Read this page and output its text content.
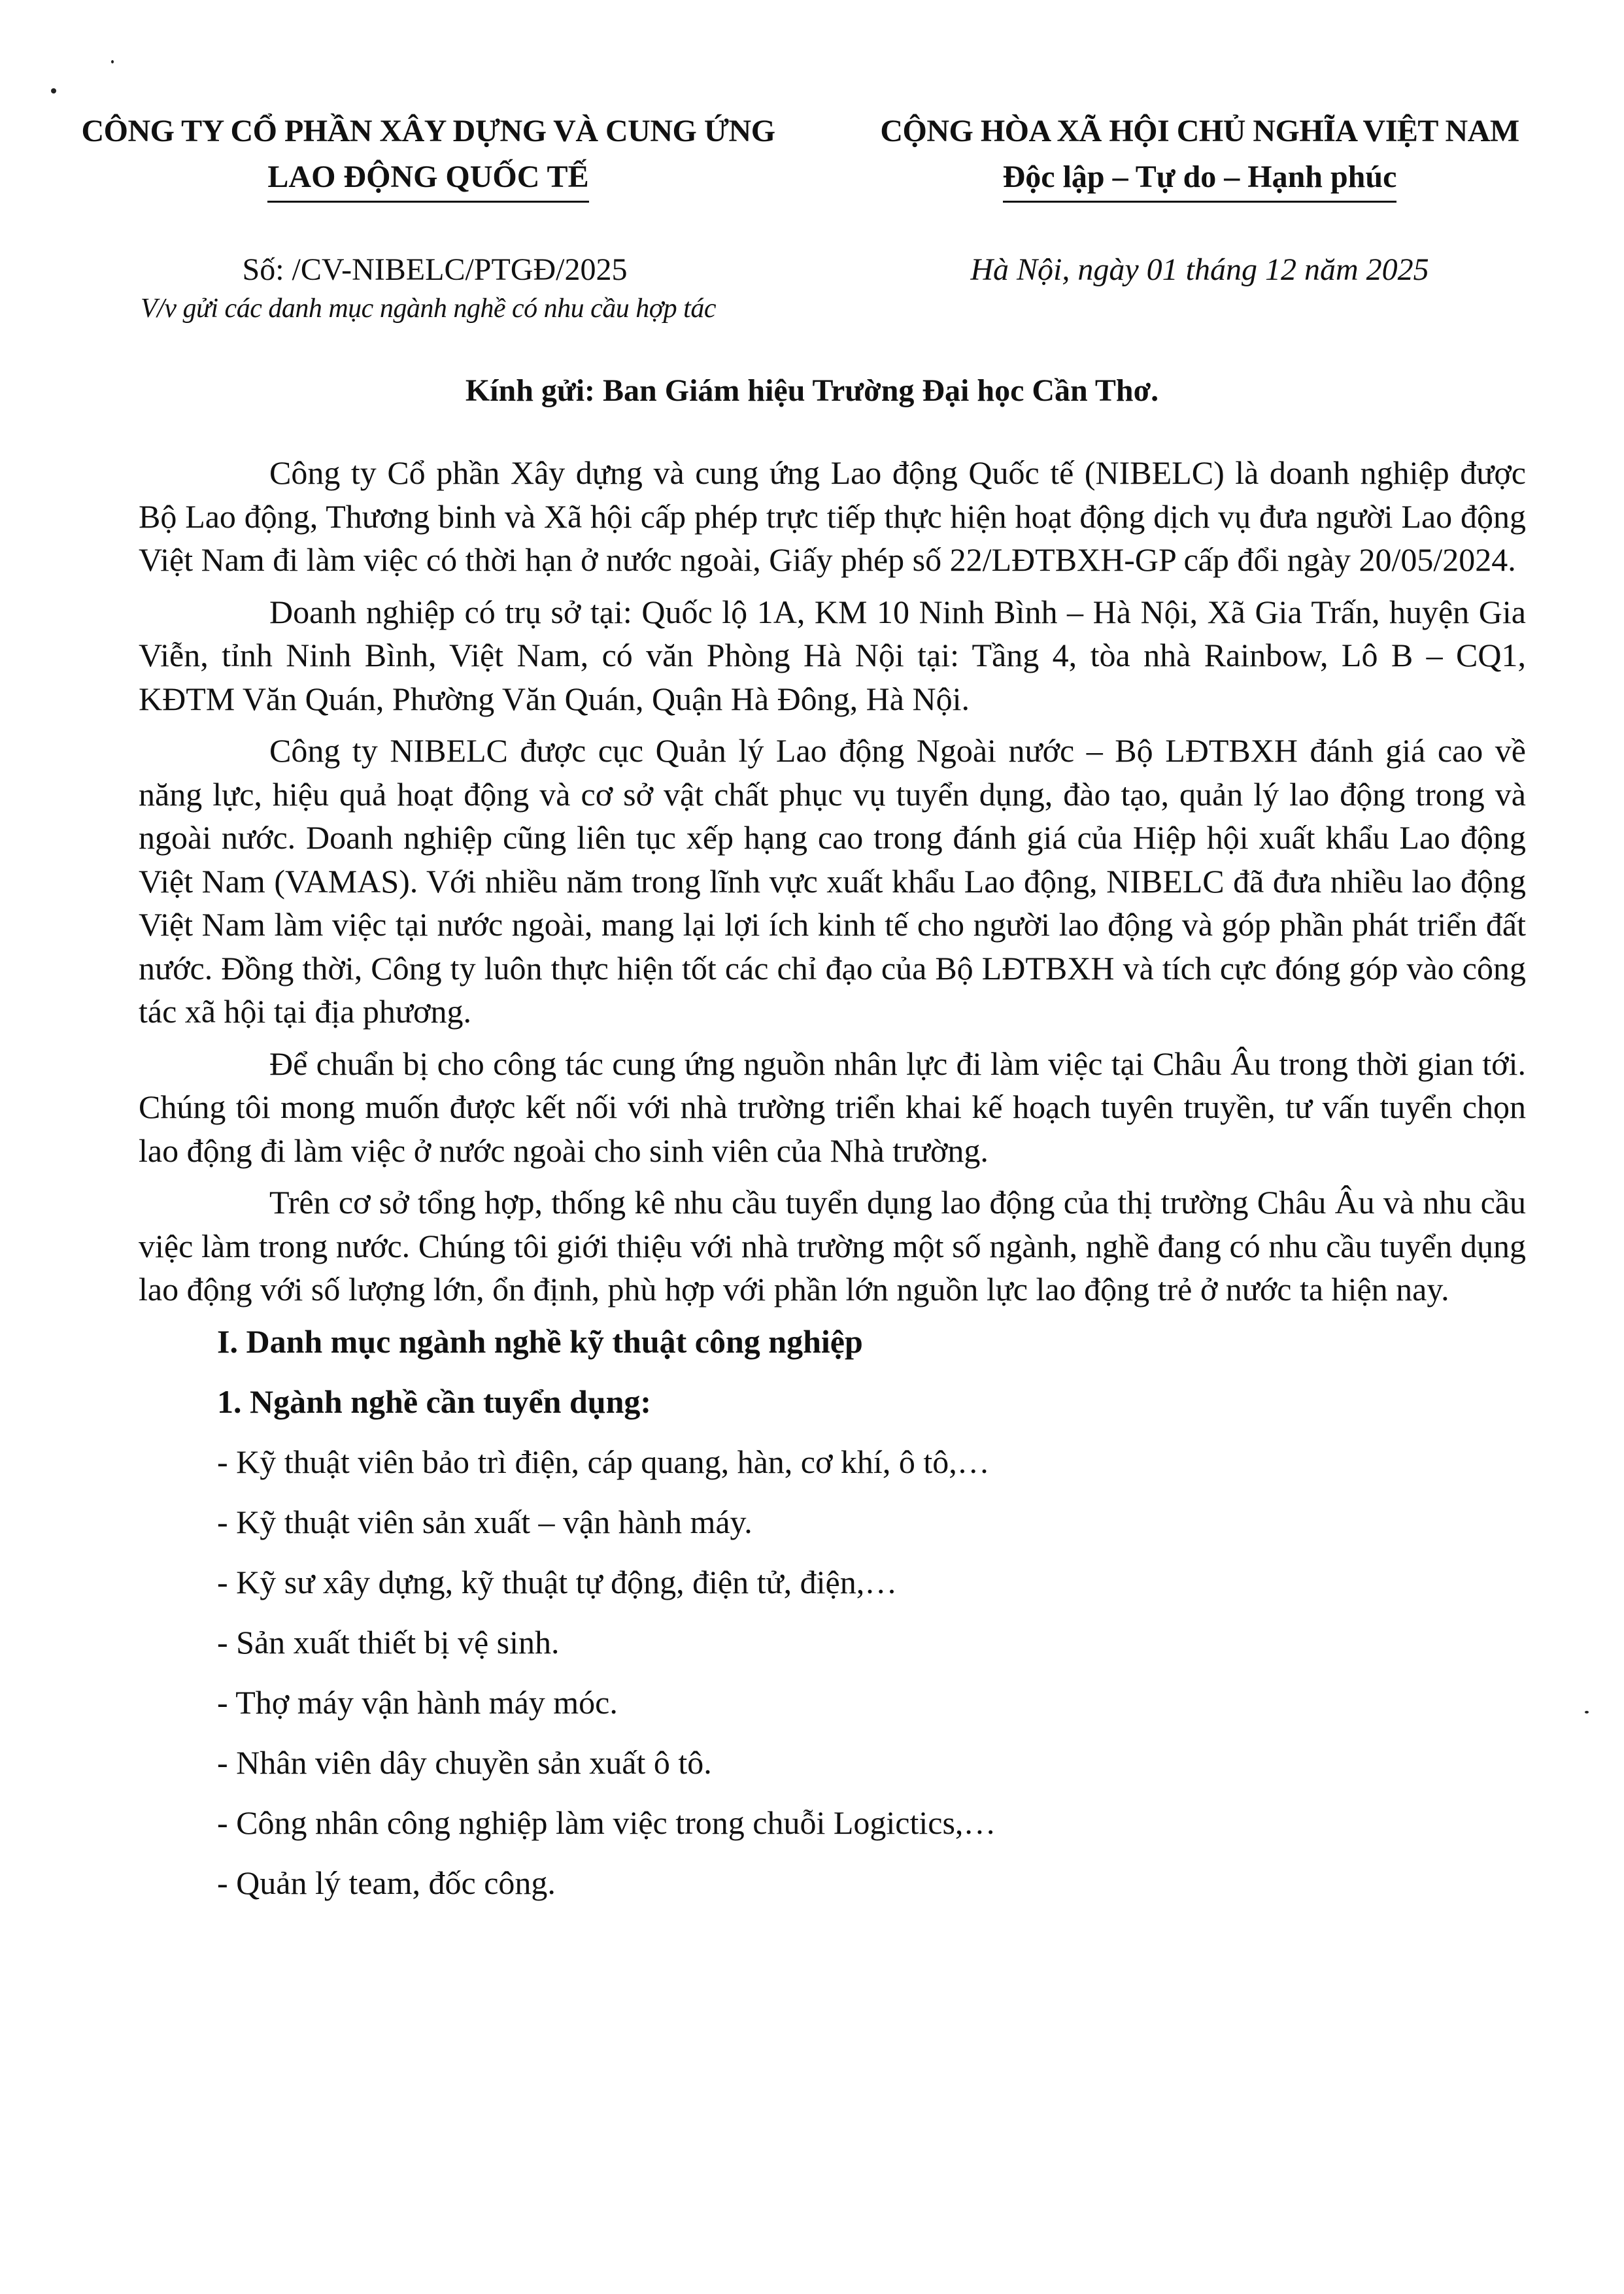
CÔNG TY CỔ PHẦN XÂY DỰNG VÀ CUNG ỨNG
LAO ĐỘNG QUỐC TẾ
CỘNG HÒA XÃ HỘI CHỦ NGHĨA VIỆT NAM
Độc lập – Tự do – Hạnh phúc
Số: /CV-NIBELC/PTGĐ/2025
V/v gửi các danh mục ngành nghề có nhu cầu hợp tác
Hà Nội, ngày 01 tháng 12 năm 2025
Kính gửi: Ban Giám hiệu Trường Đại học Cần Thơ.

Công ty Cổ phần Xây dựng và cung ứng Lao động Quốc tế (NIBELC) là doanh nghiệp được Bộ Lao động, Thương binh và Xã hội cấp phép trực tiếp thực hiện hoạt động dịch vụ đưa người Lao động Việt Nam đi làm việc có thời hạn ở nước ngoài, Giấy phép số 22/LĐTBXH-GP cấp đổi ngày 20/05/2024.

Doanh nghiệp có trụ sở tại: Quốc lộ 1A, KM 10 Ninh Bình – Hà Nội, Xã Gia Trấn, huyện Gia Viễn, tỉnh Ninh Bình, Việt Nam, có văn Phòng Hà Nội tại: Tầng 4, tòa nhà Rainbow, Lô B – CQ1, KĐTM Văn Quán, Phường Văn Quán, Quận Hà Đông, Hà Nội.

Công ty NIBELC được cục Quản lý Lao động Ngoài nước – Bộ LĐTBXH đánh giá cao về năng lực, hiệu quả hoạt động và cơ sở vật chất phục vụ tuyển dụng, đào tạo, quản lý lao động trong và ngoài nước. Doanh nghiệp cũng liên tục xếp hạng cao trong đánh giá của Hiệp hội xuất khẩu Lao động Việt Nam (VAMAS). Với nhiều năm trong lĩnh vực xuất khẩu Lao động, NIBELC đã đưa nhiều lao động Việt Nam làm việc tại nước ngoài, mang lại lợi ích kinh tế cho người lao động và góp phần phát triển đất nước. Đồng thời, Công ty luôn thực hiện tốt các chỉ đạo của Bộ LĐTBXH và tích cực đóng góp vào công tác xã hội tại địa phương.

Để chuẩn bị cho công tác cung ứng nguồn nhân lực đi làm việc tại Châu Âu trong thời gian tới. Chúng tôi mong muốn được kết nối với nhà trường triển khai kế hoạch tuyên truyền, tư vấn tuyển chọn lao động đi làm việc ở nước ngoài cho sinh viên của Nhà trường.

Trên cơ sở tổng hợp, thống kê nhu cầu tuyển dụng lao động của thị trường Châu Âu và nhu cầu việc làm trong nước. Chúng tôi giới thiệu với nhà trường một số ngành, nghề đang có nhu cầu tuyển dụng lao động với số lượng lớn, ổn định, phù hợp với phần lớn nguồn lực lao động trẻ ở nước ta hiện nay.

I. Danh mục ngành nghề kỹ thuật công nghiệp
1. Ngành nghề cần tuyển dụng:
- Kỹ thuật viên bảo trì điện, cáp quang, hàn, cơ khí, ô tô,…
- Kỹ thuật viên sản xuất – vận hành máy.
- Kỹ sư xây dựng, kỹ thuật tự động, điện tử, điện,…
- Sản xuất thiết bị vệ sinh.
- Thợ máy vận hành máy móc.
- Nhân viên dây chuyền sản xuất ô tô.
- Công nhân công nghiệp làm việc trong chuỗi Logictics,…
- Quản lý team, đốc công.
